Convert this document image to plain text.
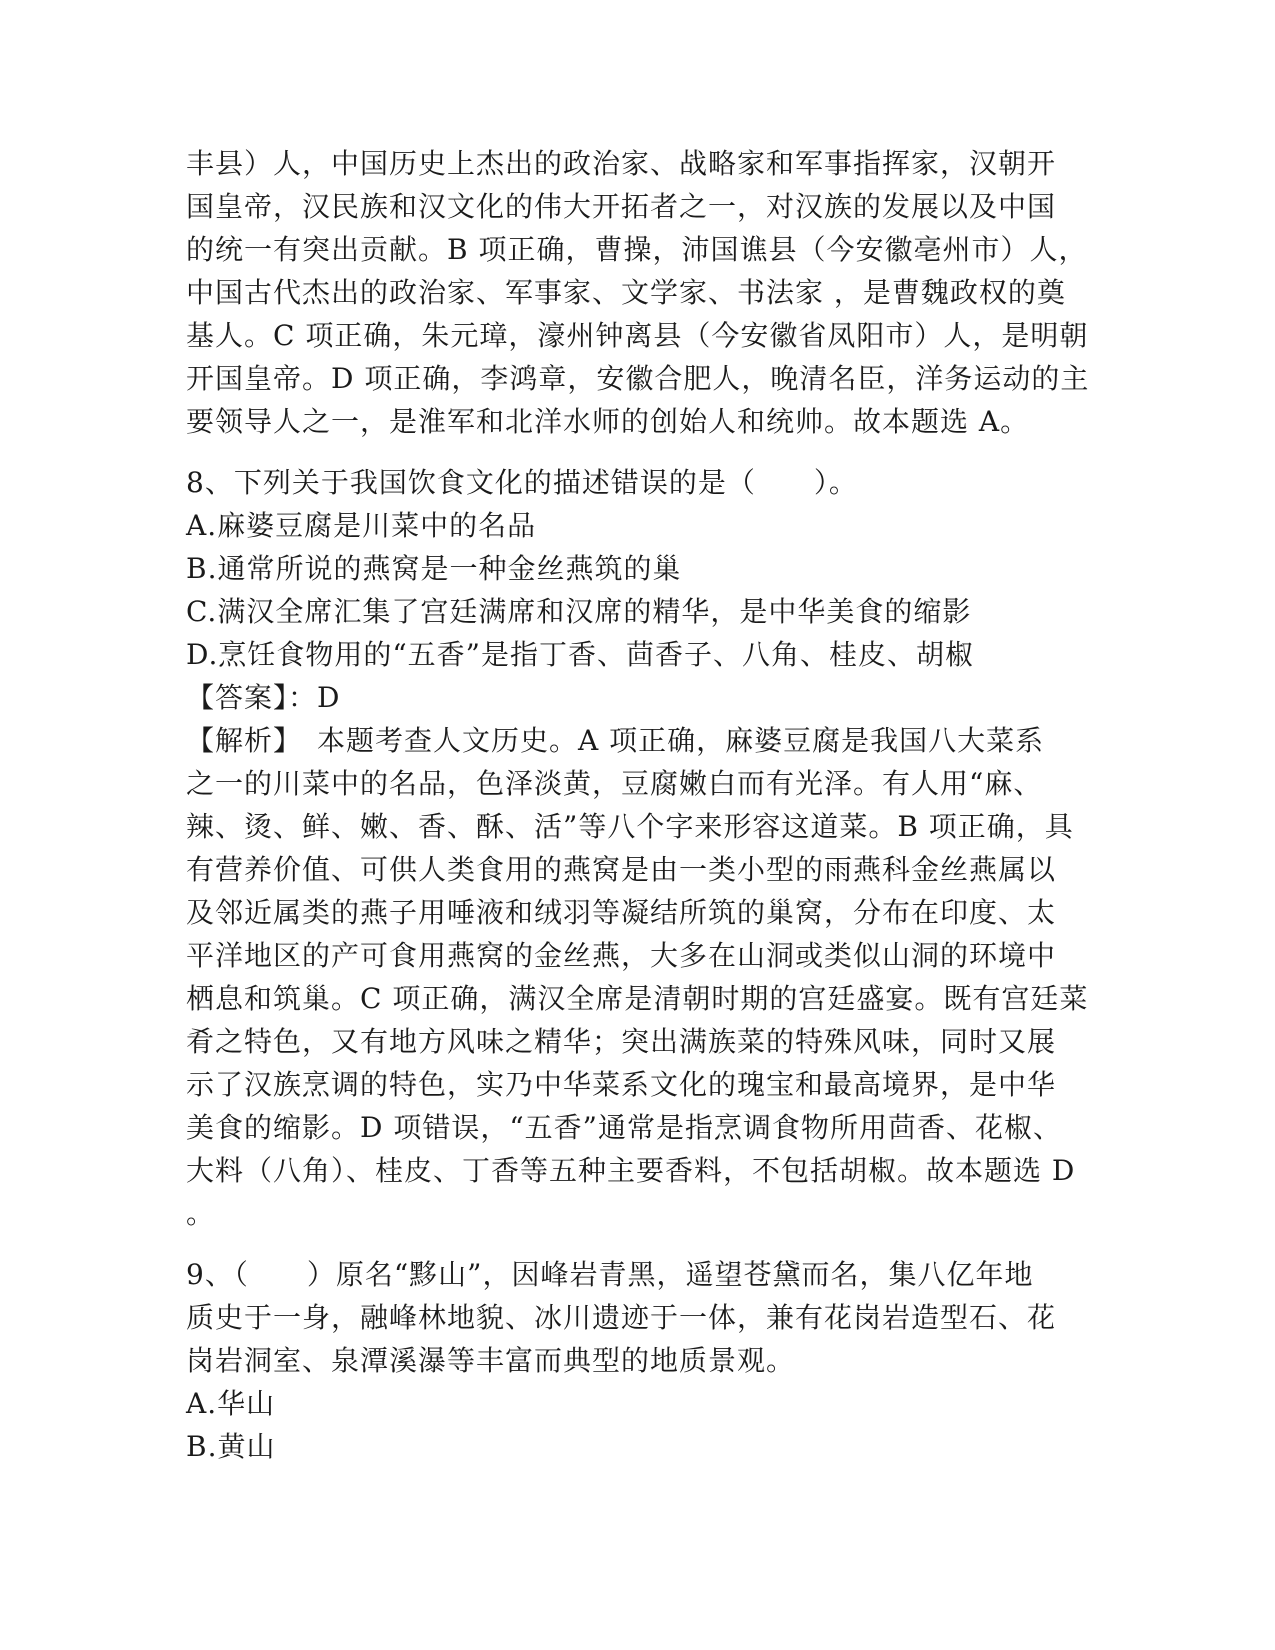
丰县）人，中国历史上杰出的政治家、战略家和军事指挥家，汉朝开
国皇帝，汉民族和汉文化的伟大开拓者之一，对汉族的发展以及中国
的统一有突出贡献。B 项正确，曹操，沛国谯县（今安徽亳州市）人，
中国古代杰出的政治家、军事家、文学家、书法家 ，是曹魏政权的奠
基人。C 项正确，朱元璋，濠州钟离县（今安徽省凤阳市）人，是明朝
开国皇帝。D 项正确，李鸿章，安徽合肥人，晚清名臣，洋务运动的主
要领导人之一，是淮军和北洋水师的创始人和统帅。故本题选 A。
8、下列关于我国饮食文化的描述错误的是（　　）。
A.麻婆豆腐是川菜中的名品
B.通常所说的燕窝是一种金丝燕筑的巢
C.满汉全席汇集了宫廷满席和汉席的精华，是中华美食的缩影
D.烹饪食物用的“五香”是指丁香、茴香子、八角、桂皮、胡椒
【答案】：D
【解析】　本题考查人文历史。A 项正确，麻婆豆腐是我国八大菜系
之一的川菜中的名品，色泽淡黄，豆腐嫩白而有光泽。有人用“麻、
辣、烫、鲜、嫩、香、酥、活”等八个字来形容这道菜。B 项正确，具
有营养价值、可供人类食用的燕窝是由一类小型的雨燕科金丝燕属以
及邻近属类的燕子用唾液和绒羽等凝结所筑的巢窝，分布在印度、太
平洋地区的产可食用燕窝的金丝燕，大多在山洞或类似山洞的环境中
栖息和筑巢。C 项正确，满汉全席是清朝时期的宫廷盛宴。既有宫廷菜
肴之特色，又有地方风味之精华；突出满族菜的特殊风味，同时又展
示了汉族烹调的特色，实乃中华菜系文化的瑰宝和最高境界，是中华
美食的缩影。D 项错误，“五香”通常是指烹调食物所用茴香、花椒、
大料（八角）、桂皮、丁香等五种主要香料，不包括胡椒。故本题选 D
。
9、（　　）原名“黟山”，因峰岩青黑，遥望苍黛而名，集八亿年地
质史于一身，融峰林地貌、冰川遗迹于一体，兼有花岗岩造型石、花
岗岩洞室、泉潭溪瀑等丰富而典型的地质景观。
A.华山
B.黄山
